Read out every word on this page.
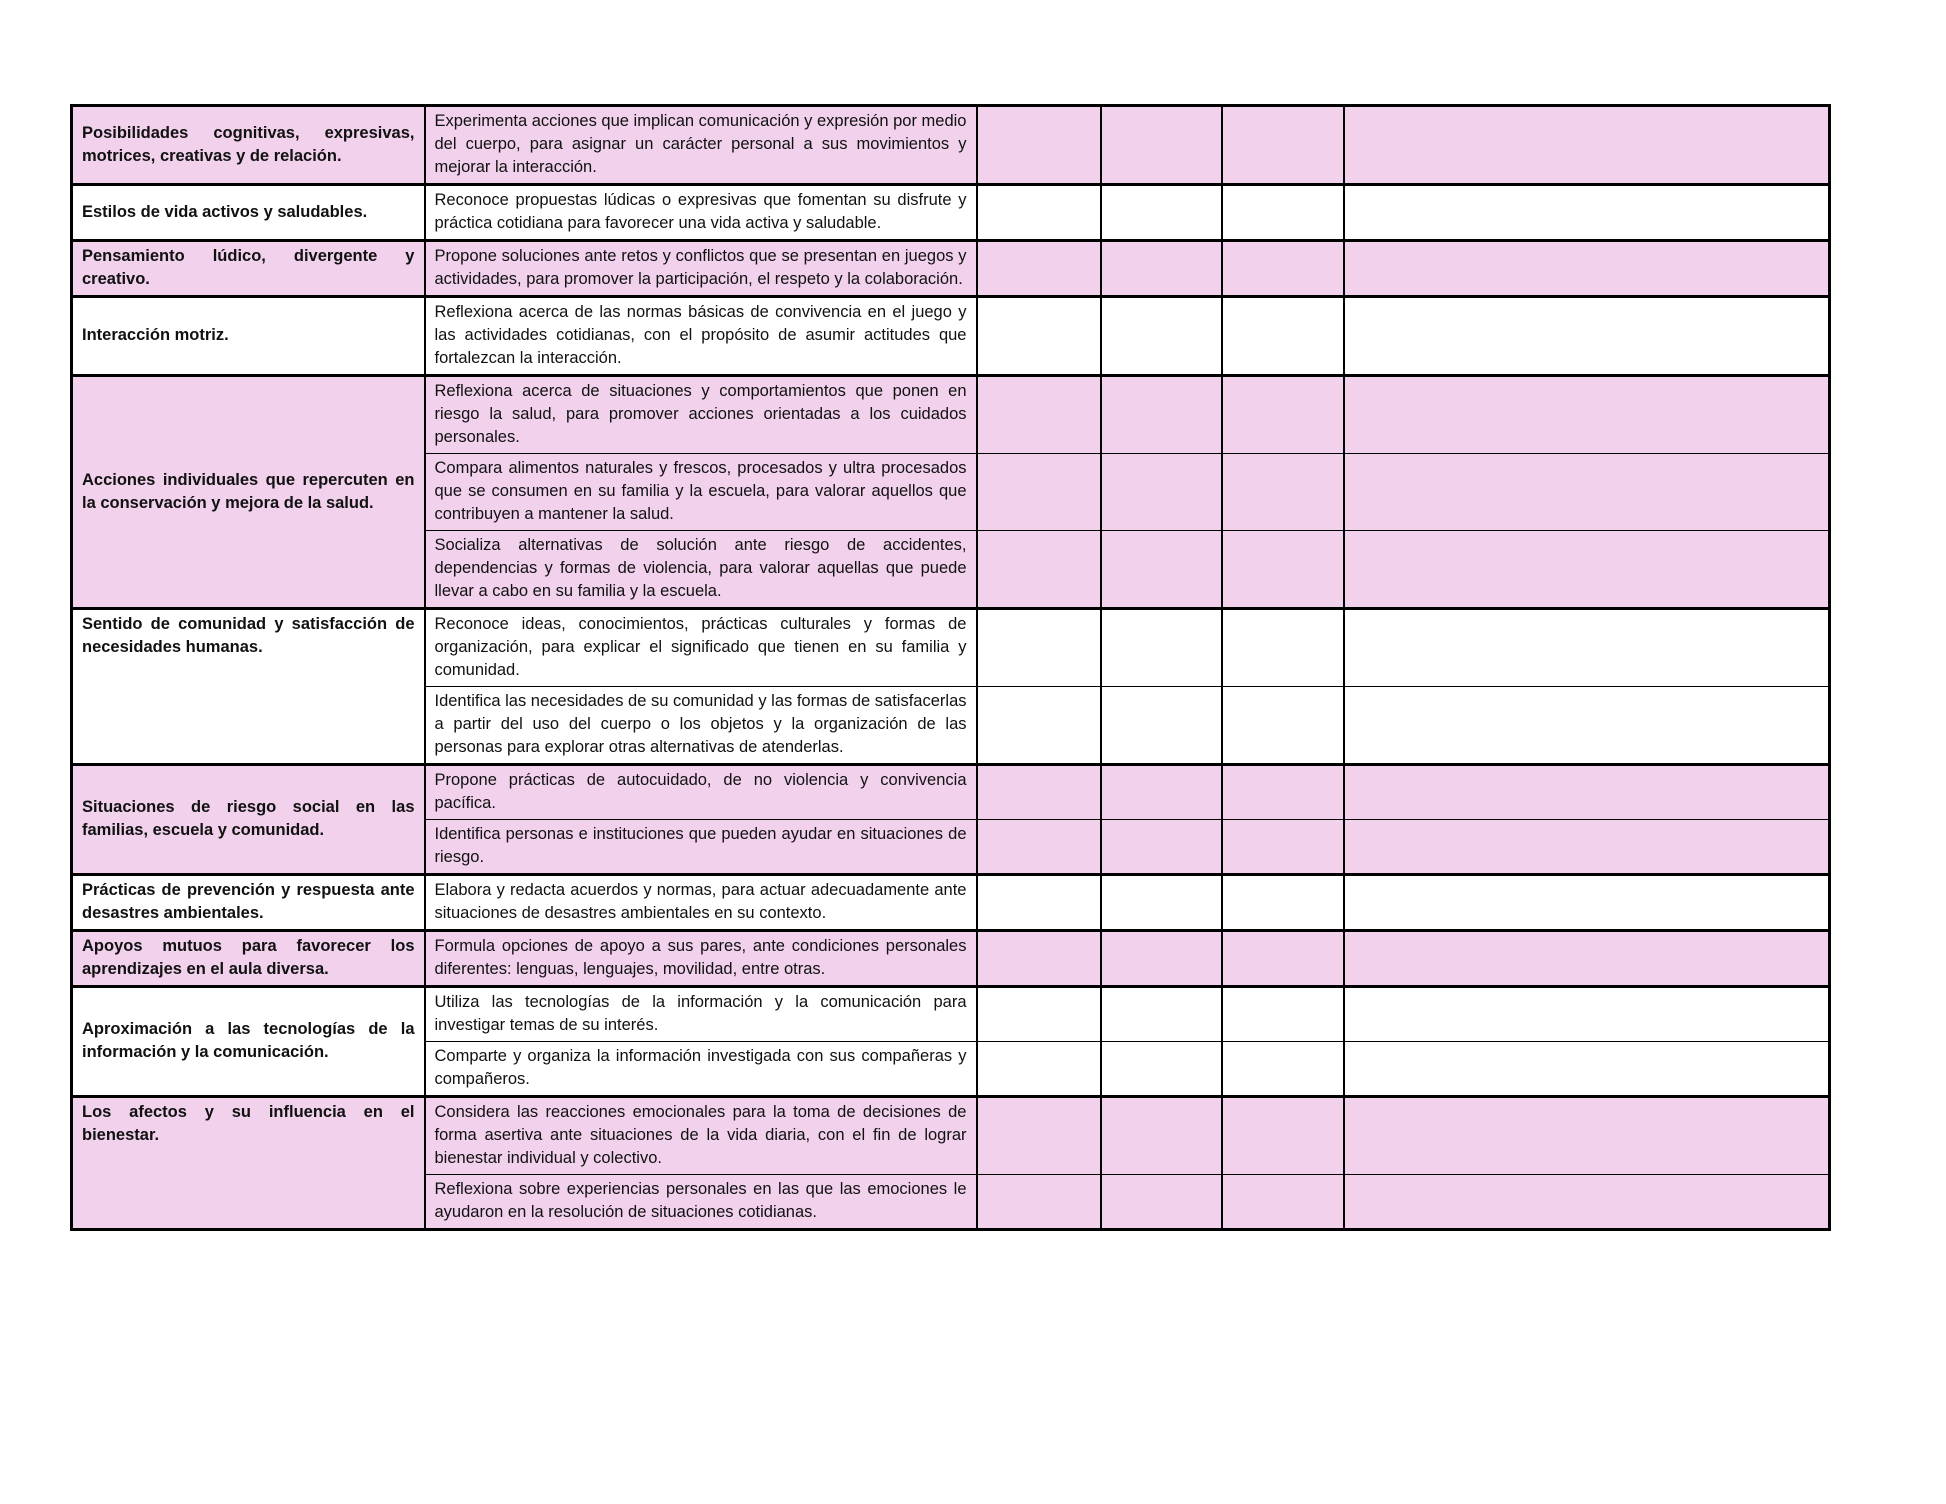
Posibilidades cognitivas, expresivas, motrices, creativas y de relación.	Experimenta acciones que implican comunicación y expresión por medio del cuerpo, para asignar un carácter personal a sus movimientos y mejorar la interacción.				
Estilos de vida activos y saludables.	Reconoce propuestas lúdicas o expresivas que fomentan su disfrute y práctica cotidiana para favorecer una vida activa y saludable.				
Pensamiento lúdico, divergente y creativo.	Propone soluciones ante retos y conflictos que se presentan en juegos y actividades, para promover la participación, el respeto y la colaboración.				
Interacción motriz.	Reflexiona acerca de las normas básicas de convivencia en el juego y las actividades cotidianas, con el propósito de asumir actitudes que fortalezcan la interacción.				
Acciones individuales que repercuten en la conservación y mejora de la salud.	Reflexiona acerca de situaciones y comportamientos que ponen en riesgo la salud, para promover acciones orientadas a los cuidados personales.				
	Compara alimentos naturales y frescos, procesados y ultra procesados que se consumen en su familia y la escuela, para valorar aquellos que contribuyen a mantener la salud.				
	Socializa alternativas de solución ante riesgo de accidentes, dependencias y formas de violencia, para valorar aquellas que puede llevar a cabo en su familia y la escuela.				
Sentido de comunidad y satisfacción de necesidades humanas.	Reconoce ideas, conocimientos, prácticas culturales y formas de organización, para explicar el significado que tienen en su familia y comunidad.				
	Identifica las necesidades de su comunidad y las formas de satisfacerlas a partir del uso del cuerpo o los objetos y la organización de las personas para explorar otras alternativas de atenderlas.				
Situaciones de riesgo social en las familias, escuela y comunidad.	Propone prácticas de autocuidado, de no violencia y convivencia pacífica.				
	Identifica personas e instituciones que pueden ayudar en situaciones de riesgo.				
Prácticas de prevención y respuesta ante desastres ambientales.	Elabora y redacta acuerdos y normas, para actuar adecuadamente ante situaciones de desastres ambientales en su contexto.				
Apoyos mutuos para favorecer los aprendizajes en el aula diversa.	Formula opciones de apoyo a sus pares, ante condiciones personales diferentes: lenguas, lenguajes, movilidad, entre otras.				
Aproximación a las tecnologías de la información y la comunicación.	Utiliza las tecnologías de la información y la comunicación para investigar temas de su interés.				
	Comparte y organiza la información investigada con sus compañeras y compañeros.				
Los afectos y su influencia en el bienestar.	Considera las reacciones emocionales para la toma de decisiones de forma asertiva ante situaciones de la vida diaria, con el fin de lograr bienestar individual y colectivo.				
	Reflexiona sobre experiencias personales en las que las emociones le ayudaron en la resolución de situaciones cotidianas.				
